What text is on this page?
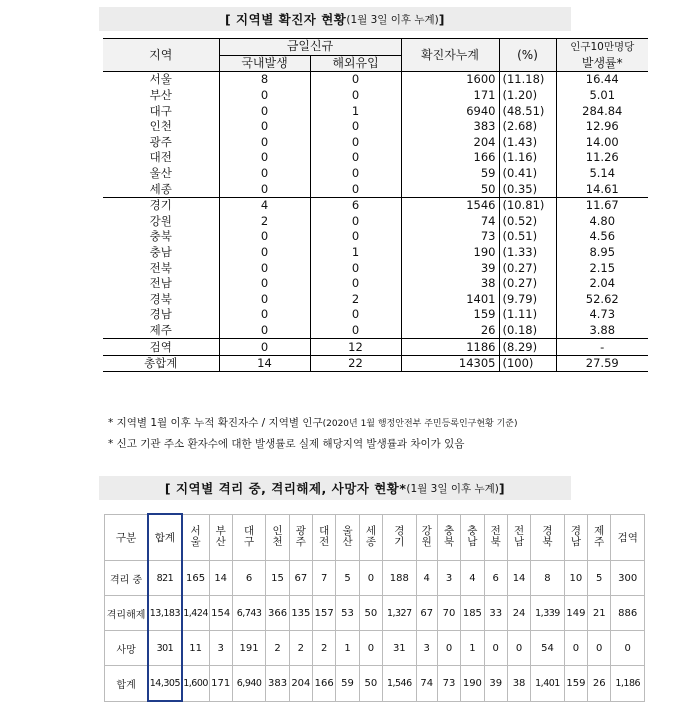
[ 지역별 확진자 현황 (1월 3일 이후 누계) ]
지역	금일신규		확진자누계	(%)	인구10만명당
	국내발생	해외유입			발생률*
서울	8	0	1600	(11.18)	16.44
부산	0	0	171	(1.20)	5.01
대구	0	1	6940	(48.51)	284.84
인천	0	0	383	(2.68)	12.96
광주	0	0	204	(1.43)	14.00
대전	0	0	166	(1.16)	11.26
울산	0	0	59	(0.41)	5.14
세종	0	0	50	(0.35)	14.61
경기	4	6	1546	(10.81)	11.67
강원	2	0	74	(0.52)	4.80
충북	0	0	73	(0.51)	4.56
충남	0	1	190	(1.33)	8.95
전북	0	0	39	(0.27)	2.15
전남	0	0	38	(0.27)	2.04
경북	0	2	1401	(9.79)	52.62
경남	0	0	159	(1.11)	4.73
제주	0	0	26	(0.18)	3.88
검역	0	12	1186	(8.29)	-
총합계	14	22	14305	(100)	27.59
* 지역별 1월 이후 누적 확진자수 / 지역별 인구(2020년 1월 행정안전부 주민등록인구현황 기준)
* 신고 기관 주소 환자수에 대한 발생률로 실제 해당지역 발생률과 차이가 있음
[ 지역별 격리 중, 격리해제, 사망자 현황* (1월 3일 이후 누계) ]
구분	합계	서울	부산	대구	인천	광주	대전	울산	세종	경기	강원	충북	충남	전북	전남	경북	경남	제주	검역
격리 중	821	165	14	6	15	67	7	5	0	188	4	3	4	6	14	8	10	5	300
격리해제	13,183	1,424	154	6,743	366	135	157	53	50	1,327	67	70	185	33	24	1,339	149	21	886
사망	301	11	3	191	2	2	2	1	0	31	3	0	1	0	0	54	0	0	0
합계	14,305	1,600	171	6,940	383	204	166	59	50	1,546	74	73	190	39	38	1,401	159	26	1,186
